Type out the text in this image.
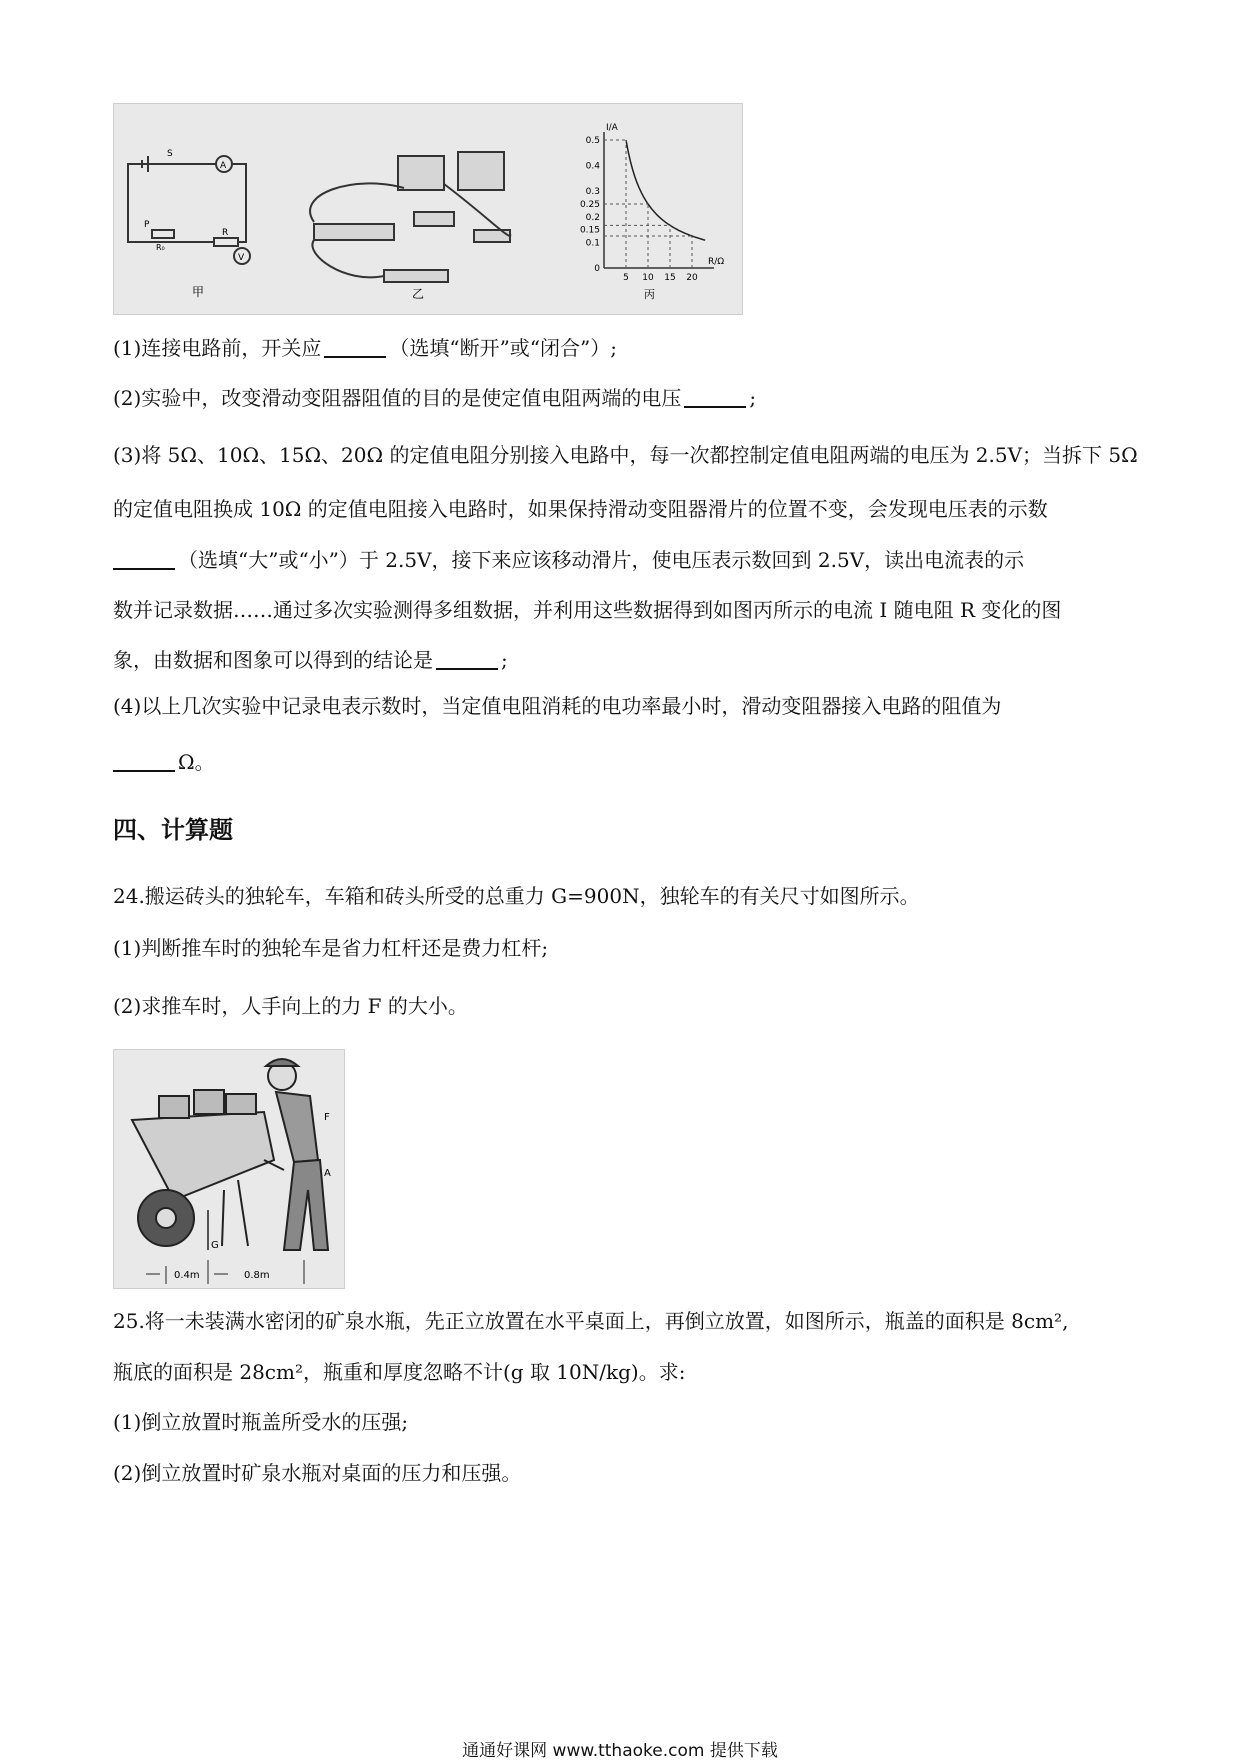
S
A
V
P
R
R₀
甲	乙
0.5
0.4
0.3
0.25
0.2
0.15
0.1
0
5 10 15 20
I/A
R/Ω
丙
(1)连接电路前，开关应	（选填“断开”或“闭合”）;
(2)实验中，改变滑动变阻器阻值的目的是使定值电阻两端的电压	;
(3)将 5Ω、10Ω、15Ω、20Ω 的定值电阻分别接入电路中，每一次都控制定值电阻两端的电压为 2.5V；当拆下 5Ω
的定值电阻换成 10Ω 的定值电阻接入电路时，如果保持滑动变阻器滑片的位置不变，会发现电压表的示数
（选填“大”或“小”）于 2.5V，接下来应该移动滑片，使电压表示数回到 2.5V，读出电流表的示
数并记录数据……通过多次实验测得多组数据，并利用这些数据得到如图丙所示的电流 I 随电阻 R 变化的图
象，由数据和图象可以得到的结论是	;
(4)以上几次实验中记录电表示数时，当定值电阻消耗的电功率最小时，滑动变阻器接入电路的阻值为
Ω。
四、计算题
24.搬运砖头的独轮车，车箱和砖头所受的总重力 G=900N，独轮车的有关尺寸如图所示。
(1)判断推车时的独轮车是省力杠杆还是费力杠杆;
(2)求推车时，人手向上的力 F 的大小。
G
F
A
0.4m	0.8m
25.将一未装满水密闭的矿泉水瓶，先正立放置在水平桌面上，再倒立放置，如图所示，瓶盖的面积是 8cm²,
瓶底的面积是 28cm²，瓶重和厚度忽略不计(g 取 10N/kg)。求:
(1)倒立放置时瓶盖所受水的压强;
(2)倒立放置时矿泉水瓶对桌面的压力和压强。
通通好课网 www.tthaoke.com 提供下载
